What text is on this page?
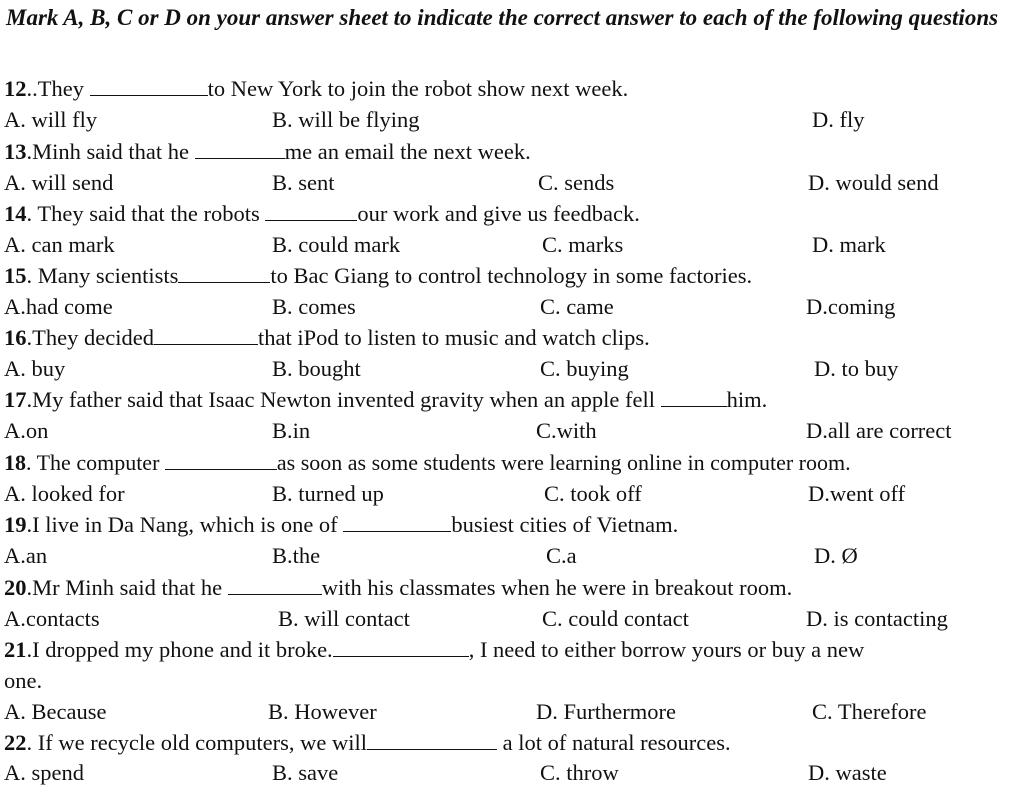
Mark A, B, C or D on your answer sheet to indicate the correct answer to each of the following questions
12..They	to New York to join the robot show next week.
A. will fly	B. will be flying	D. fly
13.Minh said that he	me an email the next week.
A. will send	B. sent	C. sends	D. would send
14. They said that the robots	our work and give us feedback.
A. can mark	B. could mark	C. marks	D. mark
15. Many scientists	to Bac Giang to control technology in some factories.
A.had come	B. comes	C. came	D.coming
16.They decided	that iPod to listen to music and watch clips.
A. buy	B. bought	C. buying	D. to buy
17.My father said that Isaac Newton invented gravity when an apple fell	him.
A.on	B.in	C.with	D.all are correct
18. The computer	as soon as some students were learning online in computer room.
A. looked for	B. turned up	C. took off	D.went off
19.I live in Da Nang, which is one of	busiest cities of Vietnam.
A.an	B.the	C.a	D. Ø
20.Mr Minh said that he	with his classmates when he were in breakout room.
A.contacts	B. will contact	C. could contact	D. is contacting
21.I dropped my phone and it broke.	, I need to either borrow yours or buy a new
one.
A. Because	B. However	D. Furthermore	C. Therefore
22. If we recycle old computers, we will	a lot of natural resources.
A. spend	B. save	C. throw	D. waste
